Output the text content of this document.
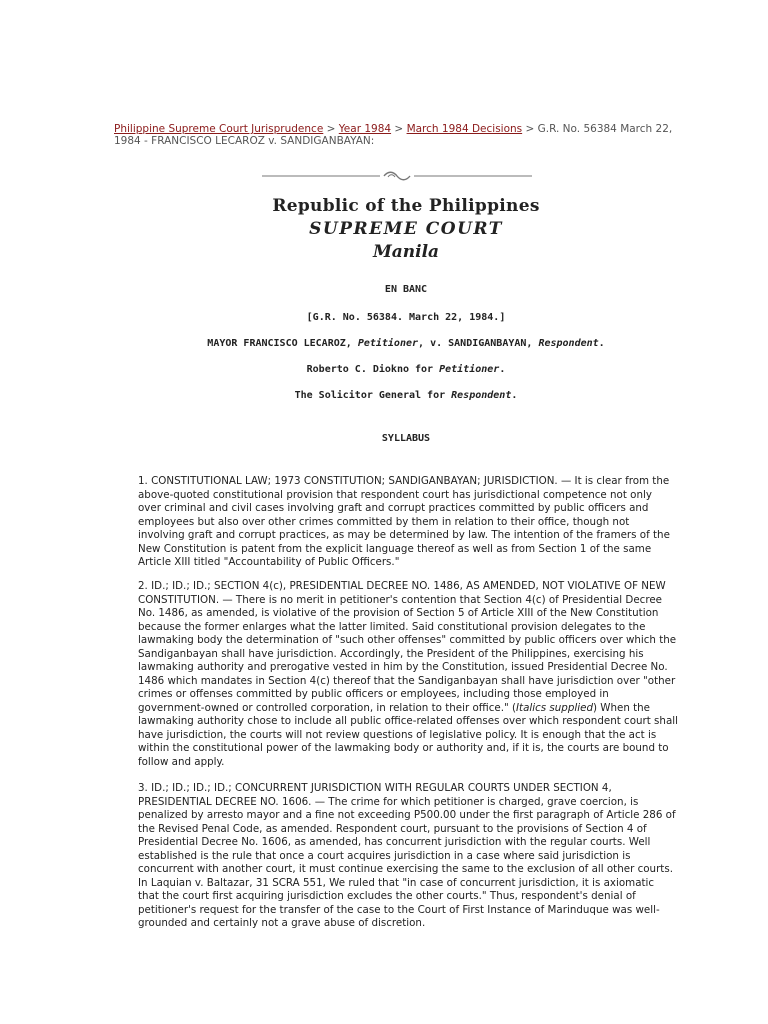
Philippine Supreme Court Jurisprudence > Year 1984 > March 1984 Decisions > G.R. No. 56384 March 22, 1984 - FRANCISCO LECAROZ v. SANDIGANBAYAN:
Republic of the Philippines
SUPREME COURT
Manila
EN BANC
[G.R. No. 56384. March 22, 1984.]
MAYOR FRANCISCO LECAROZ, Petitioner, v. SANDIGANBAYAN, Respondent.
Roberto C. Diokno for Petitioner.
The Solicitor General for Respondent.
SYLLABUS

1. CONSTITUTIONAL LAW; 1973 CONSTITUTION; SANDIGANBAYAN; JURISDICTION. — It is clear from the above-quoted constitutional provision that respondent court has jurisdictional competence not only over criminal and civil cases involving graft and corrupt practices committed by public officers and employees but also over other crimes committed by them in relation to their office, though not involving graft and corrupt practices, as may be determined by law. The intention of the framers of the New Constitution is patent from the explicit language thereof as well as from Section 1 of the same Article XIII titled "Accountability of Public Officers."

2. ID.; ID.; ID.; SECTION 4(c), PRESIDENTIAL DECREE NO. 1486, AS AMENDED, NOT VIOLATIVE OF NEW CONSTITUTION. — There is no merit in petitioner's contention that Section 4(c) of Presidential Decree No. 1486, as amended, is violative of the provision of Section 5 of Article XIII of the New Constitution because the former enlarges what the latter limited. Said constitutional provision delegates to the lawmaking body the determination of "such other offenses" committed by public officers over which the Sandiganbayan shall have jurisdiction. Accordingly, the President of the Philippines, exercising his lawmaking authority and prerogative vested in him by the Constitution, issued Presidential Decree No. 1486 which mandates in Section 4(c) thereof that the Sandiganbayan shall have jurisdiction over "other crimes or offenses committed by public officers or employees, including those employed in government-owned or controlled corporation, in relation to their office." (Italics supplied) When the lawmaking authority chose to include all public office-related offenses over which respondent court shall have jurisdiction, the courts will not review questions of legislative policy. It is enough that the act is within the constitutional power of the lawmaking body or authority and, if it is, the courts are bound to follow and apply.

3. ID.; ID.; ID.; ID.; CONCURRENT JURISDICTION WITH REGULAR COURTS UNDER SECTION 4, PRESIDENTIAL DECREE NO. 1606. — The crime for which petitioner is charged, grave coercion, is penalized by arresto mayor and a fine not exceeding P500.00 under the first paragraph of Article 286 of the Revised Penal Code, as amended. Respondent court, pursuant to the provisions of Section 4 of Presidential Decree No. 1606, as amended, has concurrent jurisdiction with the regular courts. Well established is the rule that once a court acquires jurisdiction in a case where said jurisdiction is concurrent with another court, it must continue exercising the same to the exclusion of all other courts. In Laquian v. Baltazar, 31 SCRA 551, We ruled that "in case of concurrent jurisdiction, it is axiomatic that the court first acquiring jurisdiction excludes the other courts." Thus, respondent's denial of petitioner's request for the transfer of the case to the Court of First Instance of Marinduque was well-grounded and certainly not a grave abuse of discretion.
